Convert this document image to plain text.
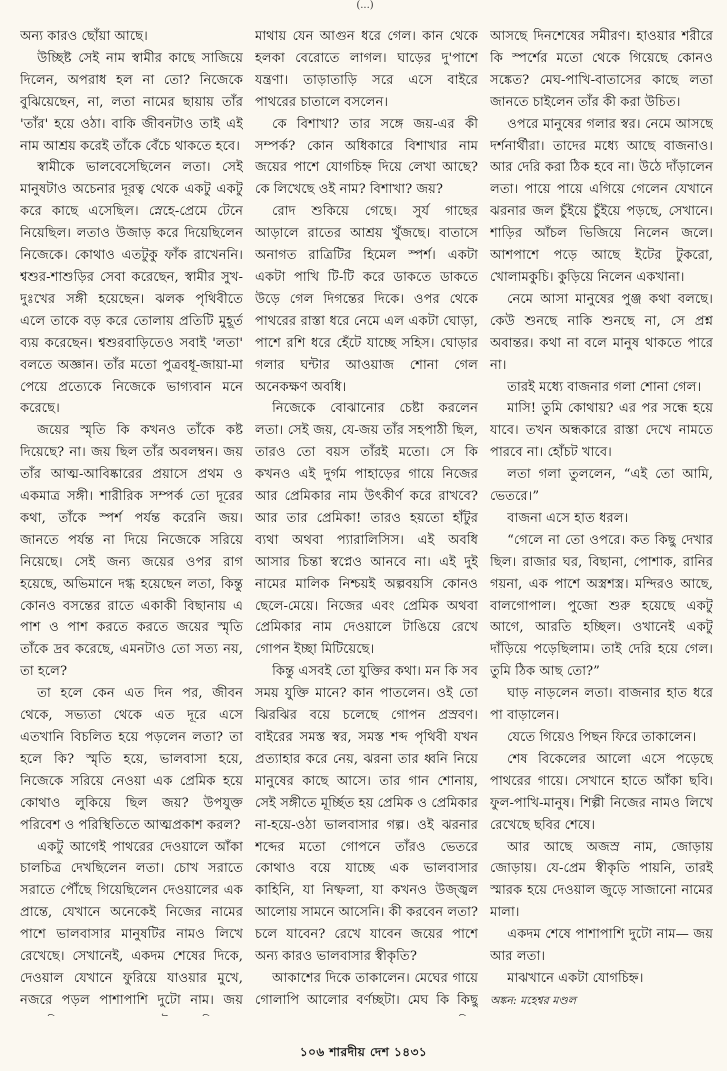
(...)

অন্য কারও ছোঁয়া আছে।

উচ্ছিষ্ট সেই নাম স্বামীর কাছে সাজিয়ে দিলেন, অপরাধ হল না তো? নিজেকে বুঝিয়েছেন, না, লতা নামের ছায়ায় তাঁর 'তাঁর' হয়ে ওঠা। বাকি জীবনটাও তাই এই নাম আশ্রয় করেই তাঁকে বেঁচে থাকতে হবে।

স্বামীকে ভালবেসেছিলেন লতা। সেই মানুষটাও অচেনার দূরত্ব থেকে একটু একটু করে কাছে এসেছিল। স্নেহে-প্রেমে টেনে নিয়েছিল। লতাও উজাড় করে দিয়েছিলেন নিজেকে। কোথাও এতটুকু ফাঁক রাখেননি। শ্বশুর-শাশুড়ির সেবা করেছেন, স্বামীর সুখ-দুঃখের সঙ্গী হয়েছেন। ঝলক পৃথিবীতে এলে তাকে বড় করে তোলায় প্রতিটি মুহূর্ত ব্যয় করেছেন। শ্বশুরবাড়িতেও সবাই 'লতা' বলতে অজ্ঞান। তাঁর মতো পুত্রবধূ-জায়া-মা পেয়ে প্রত্যেকে নিজেকে ভাগ্যবান মনে করেছে।

জয়ের স্মৃতি কি কখনও তাঁকে কষ্ট দিয়েছে? না। জয় ছিল তাঁর অবলম্বন। জয় তাঁর আত্ম-আবিষ্কারের প্রয়াসে প্রথম ও একমাত্র সঙ্গী। শারীরিক সম্পর্ক তো দূরের কথা, তাঁকে স্পর্শ পর্যন্ত করেনি জয়। জানতে পর্যন্ত না দিয়ে নিজেকে সরিয়ে নিয়েছে। সেই জন্য জয়ের ওপর রাগ হয়েছে, অভিমানে দগ্ধ হয়েছেন লতা, কিন্তু কোনও বসন্তের রাতে একাকী বিছানায় এ পাশ ও পাশ করতে করতে জয়ের স্মৃতি তাঁকে দ্রব করেছে, এমনটাও তো সত্য নয়, তা হলে?

তা হলে কেন এত দিন পর, জীবন থেকে, সভ্যতা থেকে এত দূরে এসে এতখানি বিচলিত হয়ে পড়লেন লতা? তা হলে কি? স্মৃতি হয়ে, ভালবাসা হয়ে, নিজেকে সরিয়ে নেওয়া এক প্রেমিক হয়ে কোথাও লুকিয়ে ছিল জয়? উপযুক্ত পরিবেশ ও পরিস্থিতিতে আত্মপ্রকাশ করল?

একটু আগেই পাথরের দেওয়ালে আঁকা চালচিত্র দেখছিলেন লতা। চোখ সরাতে সরাতে পৌঁছে গিয়েছিলেন দেওয়ালের এক প্রান্তে, যেখানে অনেকেই নিজের নামের পাশে ভালবাসার মানুষটির নামও লিখে রেখেছে। সেখানেই, একদম শেষের দিকে, দেওয়াল যেখানে ফুরিয়ে যাওয়ার মুখে, নজরে পড়ল পাশাপাশি দুটো নাম। জয়

মাথায় যেন আগুন ধরে গেল। কান থেকে হলকা বেরোতে লাগল। ঘাড়ের দু'পাশে যন্ত্রণা। তাড়াতাড়ি সরে এসে বাইরে পাথরের চাতালে বসলেন।

কে বিশাখা? তার সঙ্গে জয়-এর কী সম্পর্ক? কোন অধিকারে বিশাখার নাম জয়ের পাশে যোগচিহ্ন দিয়ে লেখা আছে? কে লিখেছে ওই নাম? বিশাখা? জয়?

রোদ শুকিয়ে গেছে। সুর্য গাছের আড়ালে রাতের আশ্রয় খুঁজছে। বাতাসে অনাগত রাত্রিটির হিমেল স্পর্শ। একটা একটা পাখি টি-টি করে ডাকতে ডাকতে উড়ে গেল দিগন্তের দিকে। ওপর থেকে পাথরের রাস্তা ধরে নেমে এল একটা ঘোড়া, পাশে রশি ধরে হেঁটে যাচ্ছে সহিস। ঘোড়ার গলার ঘন্টার আওয়াজ শোনা গেল অনেকক্ষণ অবধি।

নিজেকে বোঝানোর চেষ্টা করলেন লতা। সেই জয়, যে-জয় তাঁর সহপাঠী ছিল, তারও তো বয়স তাঁরই মতো। সে কি কখনও এই দুর্গম পাহাড়ের গায়ে নিজের আর প্রেমিকার নাম উৎকীর্ণ করে রাখবে? আর তার প্রেমিকা! তারও হয়তো হাঁটুর ব্যথা অথবা প্যারালিসিস। এই অবধি আসার চিন্তা স্বপ্নেও আনবে না। এই দুই নামের মালিক নিশ্চয়ই অল্পবয়সি কোনও ছেলে-মেয়ে। নিজের এবং প্রেমিক অথবা প্রেমিকার নাম দেওয়ালে টাঙিয়ে রেখে গোপন ইচ্ছা মিটিয়েছে।

কিন্তু এসবই তো যুক্তির কথা। মন কি সব সময় যুক্তি মানে? কান পাতলেন। ওই তো ঝিরঝির বয়ে চলেছে গোপন প্রস্রবণ। বাইরের সমস্ত স্বর, সমস্ত শব্দ পৃথিবী যখন প্রত্যাহার করে নেয়, ঝরনা তার ধ্বনি নিয়ে মানুষের কাছে আসে। তার গান শোনায়, সেই সঙ্গীতে মূর্চ্ছিত হয় প্রেমিক ও প্রেমিকার না-হয়ে-ওঠা ভালবাসার গল্প। ওই ঝরনার শব্দের মতো গোপনে তাঁরও ভেতরে কোথাও বয়ে যাচ্ছে এক ভালবাসার কাহিনি, যা নিষ্ফলা, যা কখনও উজ্জ্বল আলোয় সামনে আসেনি। কী করবেন লতা? চলে যাবেন? রেখে যাবেন জয়ের পাশে অন্য কারও ভালবাসার স্বীকৃতি?

আকাশের দিকে তাকালেন। মেঘের গায়ে গোলাপি আলোর বর্ণচ্ছটা। মেঘ কি কিছু

আসছে দিনশেষের সমীরণ। হাওয়ার শরীরে কি স্পর্শের মতো থেকে গিয়েছে কোনও সঙ্কেত? মেঘ-পাখি-বাতাসের কাছে লতা জানতে চাইলেন তাঁর কী করা উচিত।

ওপরে মানুষের গলার স্বর। নেমে আসছে দর্শনার্থীরা। তাদের মধ্যে আছে বাজনাও। আর দেরি করা ঠিক হবে না। উঠে দাঁড়ালেন লতা। পায়ে পায়ে এগিয়ে গেলেন যেখানে ঝরনার জল চুঁইয়ে চুঁইয়ে পড়ছে, সেখানে। শাড়ির আঁচল ভিজিয়ে নিলেন জলে। আশপাশে পড়ে আছে ইটের টুকরো, খোলামকুচি। কুড়িয়ে নিলেন একখানা।

নেমে আসা মানুষের পুঞ্জ কথা বলছে। কেউ শুনছে নাকি শুনছে না, সে প্রশ্ন অবান্তর। কথা না বলে মানুষ থাকতে পারে না।

তারই মধ্যে বাজনার গলা শোনা গেল।

মাসি! তুমি কোথায়? এর পর সন্ধে হয়ে যাবে। তখন অন্ধকারে রাস্তা দেখে নামতে পারবে না। হোঁচট খাবে।

লতা গলা তুললেন, “এই তো আমি, ভেতরে।”

বাজনা এসে হাত ধরল।

“গেলে না তো ওপরে। কত কিছু দেখার ছিল। রাজার ঘর, বিছানা, পোশাক, রানির গয়না, এক পাশে অস্ত্রশস্ত্র। মন্দিরও আছে, বালগোপাল। পুজো শুরু হয়েছে একটু আগে, আরতি হচ্ছিল। ওখানেই একটু দাঁড়িয়ে পড়েছিলাম। তাই দেরি হয়ে গেল। তুমি ঠিক আছ তো?”

ঘাড় নাড়লেন লতা। বাজনার হাত ধরে পা বাড়ালেন।

যেতে গিয়েও পিছন ফিরে তাকালেন।

শেষ বিকেলের আলো এসে পড়েছে পাথরের গায়ে। সেখানে হাতে আঁকা ছবি। ফুল-পাখি-মানুষ। শিল্পী নিজের নামও লিখে রেখেছে ছবির শেষে।

আর আছে অজস্র নাম, জোড়ায় জোড়ায়। যে-প্রেম স্বীকৃতি পায়নি, তারই স্মারক হয়ে দেওয়াল জুড়ে সাজানো নামের মালা।

একদম শেষে পাশাপাশি দুটো নাম— জয় আর লতা।

মাঝখানে একটা যোগচিহ্ন।

অঙ্কন: মহেশ্বর মণ্ডল

১০৬ শারদীয় দেশ ১৪৩১
